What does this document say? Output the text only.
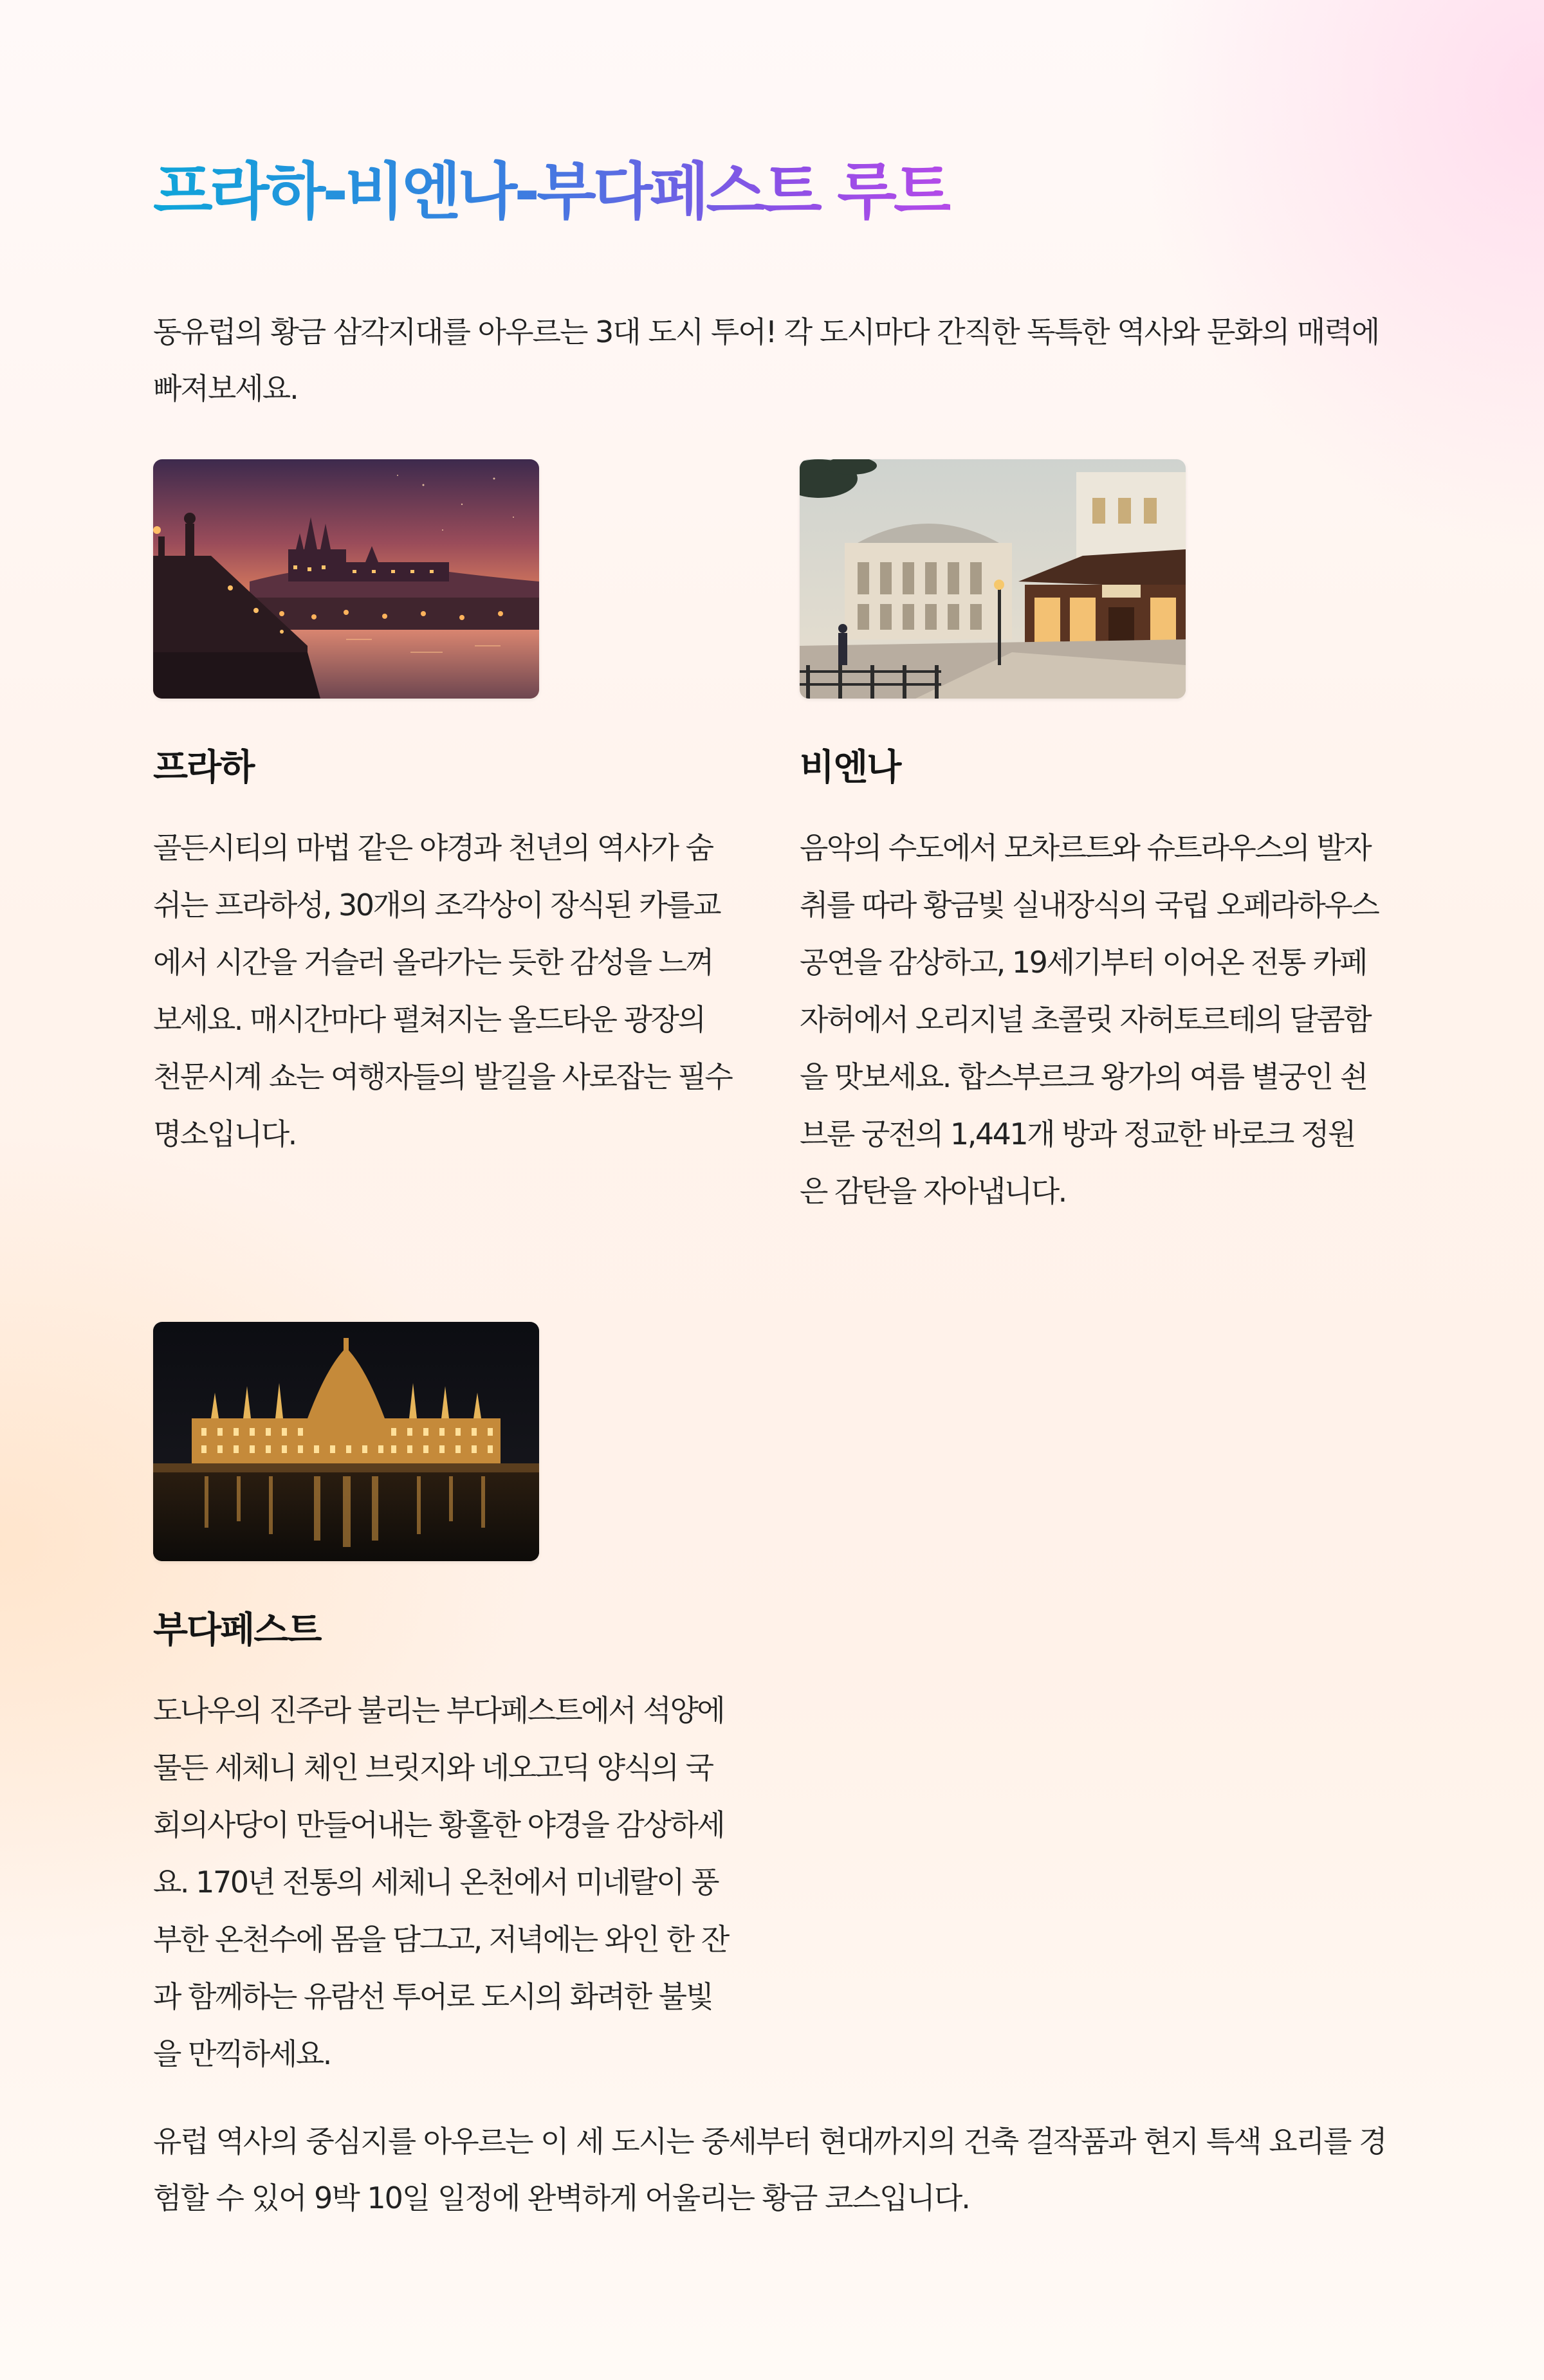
프라하-비엔나-부다페스트 루트

동유럽의 황금 삼각지대를 아우르는 3대 도시 투어! 각 도시마다 간직한 독특한 역사와 문화의 매력에 빠져보세요.

프라하

골든시티의 마법 같은 야경과 천년의 역사가 숨쉬는 프라하성, 30개의 조각상이 장식된 카를교에서 시간을 거슬러 올라가는 듯한 감성을 느껴보세요. 매시간마다 펼쳐지는 올드타운 광장의 천문시계 쇼는 여행자들의 발길을 사로잡는 필수 명소입니다.

비엔나

음악의 수도에서 모차르트와 슈트라우스의 발자취를 따라 황금빛 실내장식의 국립 오페라하우스 공연을 감상하고, 19세기부터 이어온 전통 카페 자허에서 오리지널 초콜릿 자허토르테의 달콤함을 맛보세요. 합스부르크 왕가의 여름 별궁인 쇤브룬 궁전의 1,441개 방과 정교한 바로크 정원은 감탄을 자아냅니다.

부다페스트

도나우의 진주라 불리는 부다페스트에서 석양에 물든 세체니 체인 브릿지와 네오고딕 양식의 국회의사당이 만들어내는 황홀한 야경을 감상하세요. 170년 전통의 세체니 온천에서 미네랄이 풍부한 온천수에 몸을 담그고, 저녁에는 와인 한 잔과 함께하는 유람선 투어로 도시의 화려한 불빛을 만끽하세요.

유럽 역사의 중심지를 아우르는 이 세 도시는 중세부터 현대까지의 건축 걸작품과 현지 특색 요리를 경험할 수 있어 9박 10일 일정에 완벽하게 어울리는 황금 코스입니다.
